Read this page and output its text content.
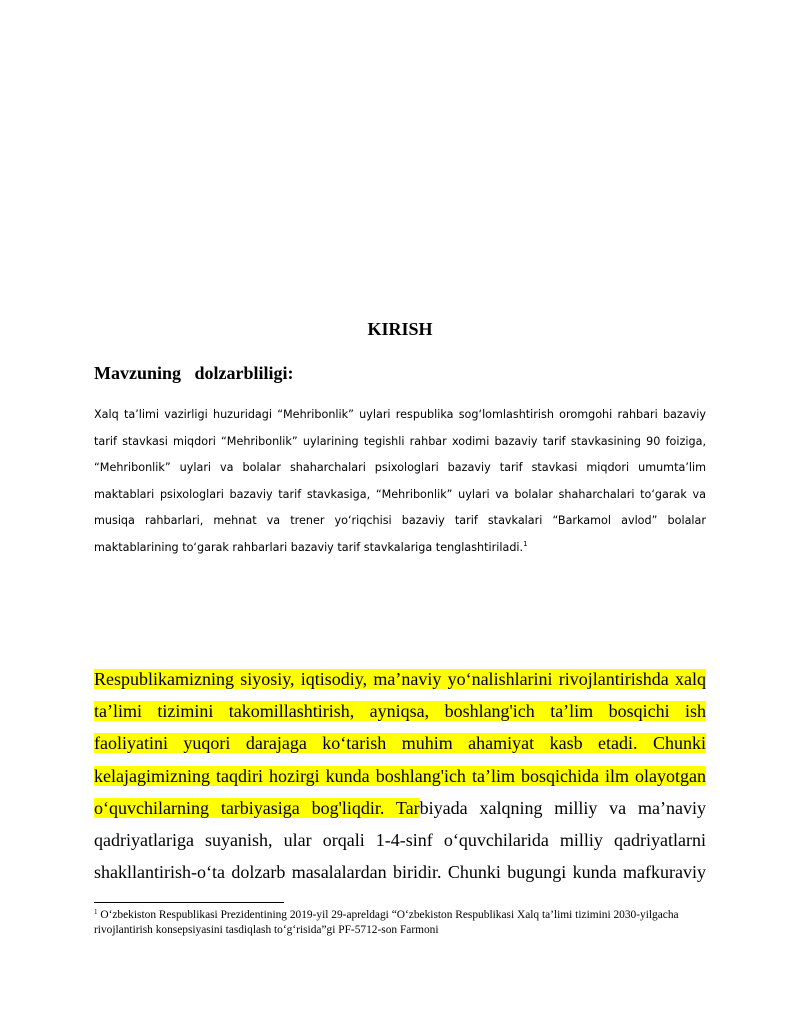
KIRISH
Mavzuning   dolzarbliligi:

Xalq ta’limi vazirligi huzuridagi “Mehribonlik” uylari respublika sog‘lomlashtirish oromgohi rahbari bazaviy tarif stavkasi miqdori “Mehribonlik” uylarining tegishli rahbar xodimi bazaviy tarif stavkasining 90 foiziga, “Mehribonlik” uylari va bolalar shaharchalari psixologlari bazaviy tarif stavkasi miqdori umumta’lim maktablari psixologlari bazaviy tarif stavkasiga, “Mehribonlik” uylari va bolalar shaharchalari to‘garak va musiqa rahbarlari, mehnat va trener yo‘riqchisi bazaviy tarif stavkalari “Barkamol avlod” bolalar maktablarining to‘garak rahbarlari bazaviy tarif stavkalariga tenglashtiriladi.$^1$

Respublikamizning siyosiy, iqtisodiy, ma’naviy yo‘nalishlarini rivojlantirishda xalq ta’limi tizimini takomillashtirish, ayniqsa, boshlang'ich ta’lim bosqichi ish faoliyatini yuqori darajaga ko‘tarish muhim ahamiyat kasb etadi. Chunki kelajagimizning taqdiri hozirgi kunda boshlang'ich ta’lim bosqichida ilm olayotgan o‘quvchilarning tarbiyasiga bog'liqdir. Tarbiyada xalqning milliy va ma’naviy qadriyatlariga suyanish, ular orqali 1-4-sinf o‘quvchilarida milliy qadriyatlarni shakllantirish-o‘ta dolzarb masalalardan biridir. Chunki bugungi kunda mafkuraviy

$^1$ O‘zbekiston Respublikasi Prezidentining 2019-yil 29-apreldagi “O‘zbekiston Respublikasi Xalq ta’limi tizimini 2030-yilgacha rivojlantirish konsepsiyasini tasdiqlash to‘g‘risida”gi PF-5712-son Farmoni
